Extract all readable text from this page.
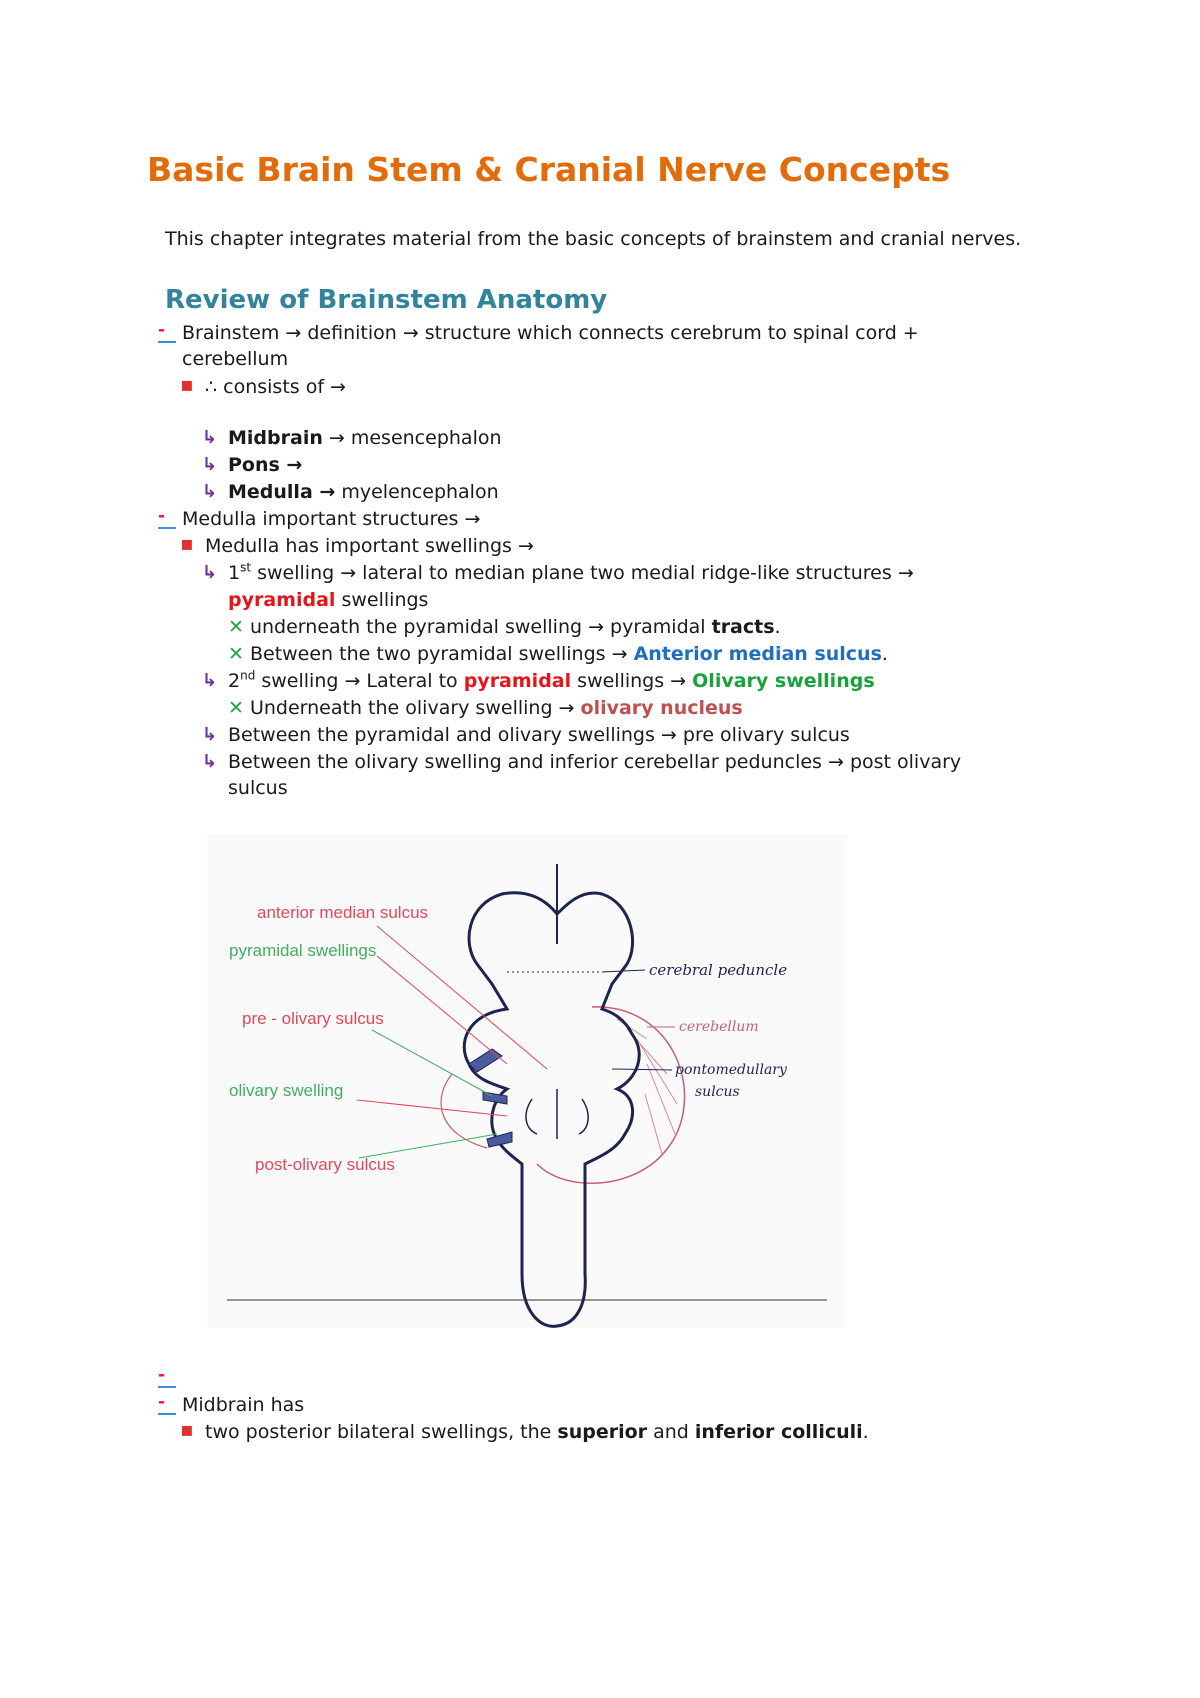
Basic Brain Stem & Cranial Nerve Concepts
This chapter integrates material from the basic concepts of brainstem and cranial nerves.
Review of Brainstem Anatomy
- Brainstem → definition → structure which connects cerebrum to spinal cord +
cerebellum
▪ ∴ consists of →
↳ Midbrain → mesencephalon
↳ Pons →
↳ Medulla → myelencephalon
- Medulla important structures →
▪ Medulla has important swellings →
↳ 1st swelling → lateral to median plane two medial ridge-like structures →
pyramidal swellings
✕ underneath the pyramidal swelling → pyramidal tracts.
✕ Between the two pyramidal swellings → Anterior median sulcus.
↳ 2nd swelling → Lateral to pyramidal swellings → Olivary swellings
✕ Underneath the olivary swelling → olivary nucleus
↳ Between the pyramidal and olivary swellings → pre olivary sulcus
↳ Between the olivary swelling and inferior cerebellar peduncles → post olivary
sulcus
anterior median sulcus
pyramidal swellings
pre - olivary sulcus
olivary swelling
post-olivary sulcus
cerebral peduncle
cerebellum
pontomedullary
sulcus
-
- Midbrain has
▪ two posterior bilateral swellings, the superior and inferior colliculi.
